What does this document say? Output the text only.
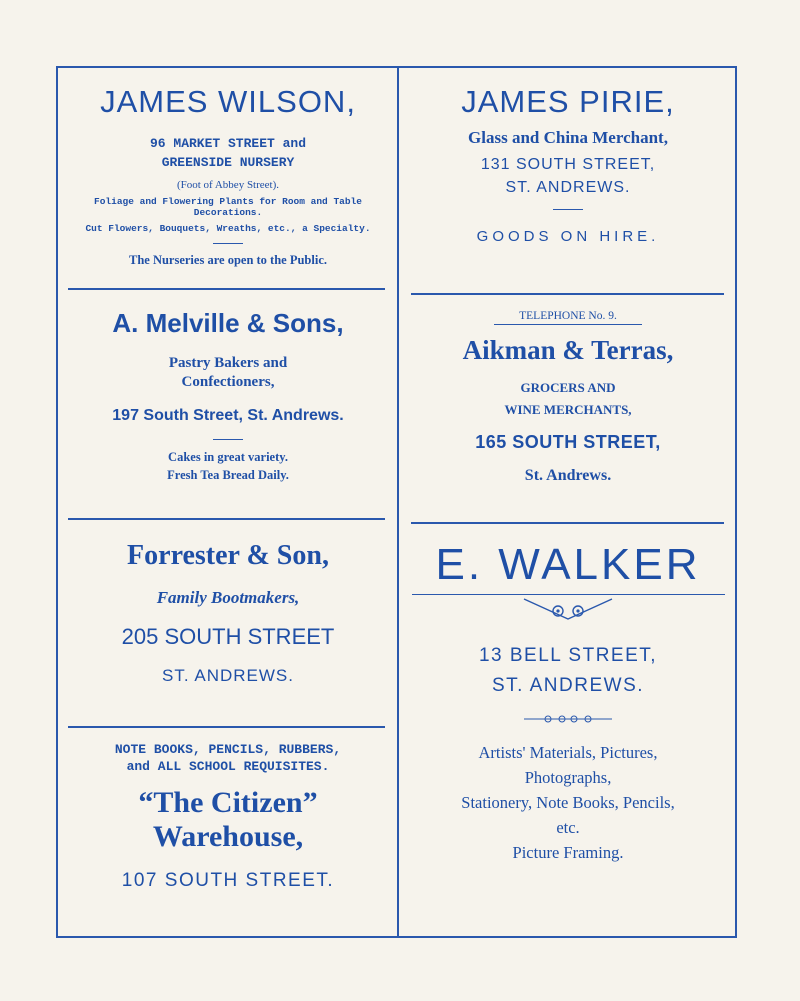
JAMES WILSON,
96 MARKET STREET and
GREENSIDE NURSERY
(Foot of Abbey Street).
Foliage and Flowering Plants for Room and Table
Decorations.
Cut Flowers, Bouquets, Wreaths, etc., a Specialty.
The Nurseries are open to the Public.
JAMES PIRIE,
Glass and China Merchant,
131 SOUTH STREET,
ST. ANDREWS.
GOODS ON HIRE.
A. Melville & Sons,
Pastry Bakers and
Confectioners,
197 South Street, St. Andrews.
Cakes in great variety.
Fresh Tea Bread Daily.
TELEPHONE No. 9.
Aikman & Terras,
GROCERS AND
WINE MERCHANTS,
165 SOUTH STREET,
St. Andrews.
Forrester & Son,
Family Bootmakers,
205 SOUTH STREET
ST. ANDREWS.
E. WALKER
13 BELL STREET,
ST. ANDREWS.
Artists' Materials, Pictures,
Photographs,
Stationery, Note Books, Pencils,
etc.
Picture Framing.
NOTE BOOKS, PENCILS, RUBBERS,
and ALL SCHOOL REQUISITES.
“The Citizen”
Warehouse,
107 SOUTH STREET.
